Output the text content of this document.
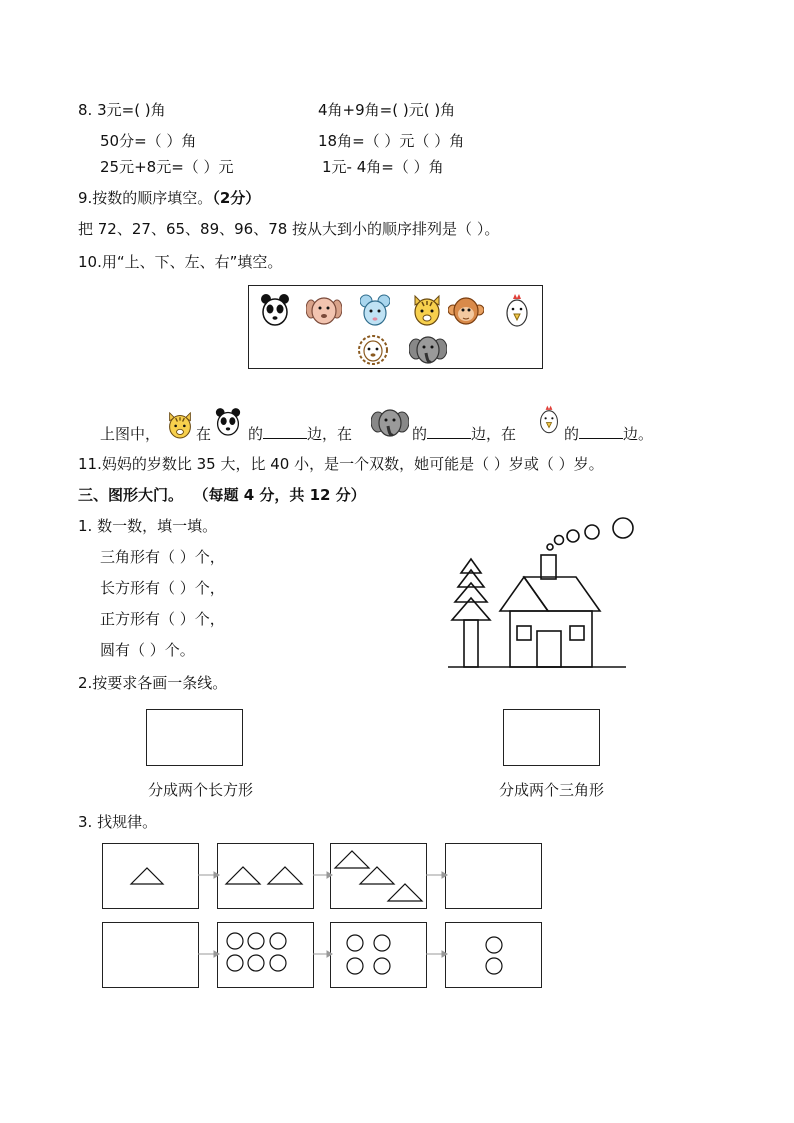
8. 3元=( )角	4角+9角=( )元( )角
50分=（ ）角	18角=（ ）元（ ）角
25元+8元=（ ）元	1元- 4角=（ ）角
9.按数的顺序填空。（2分）
把 72、27、65、89、96、78 按从大到小的顺序排列是（ ）。
10.用“上、下、左、右”填空。
上图中， 在 的	边，在	的	边，在	的	边。
11.妈妈的岁数比 35 大，比 40 小，是一个双数，她可能是（ ）岁或（ ）岁。
三、图形大门。 （每题 4 分，共 12 分）
1. 数一数，填一填。
三角形有（ ）个，
长方形有（ ）个，
正方形有（ ）个，
圆有（ ）个。
2.按要求各画一条线。
分成两个长方形	分成两个三角形
3. 找规律。
